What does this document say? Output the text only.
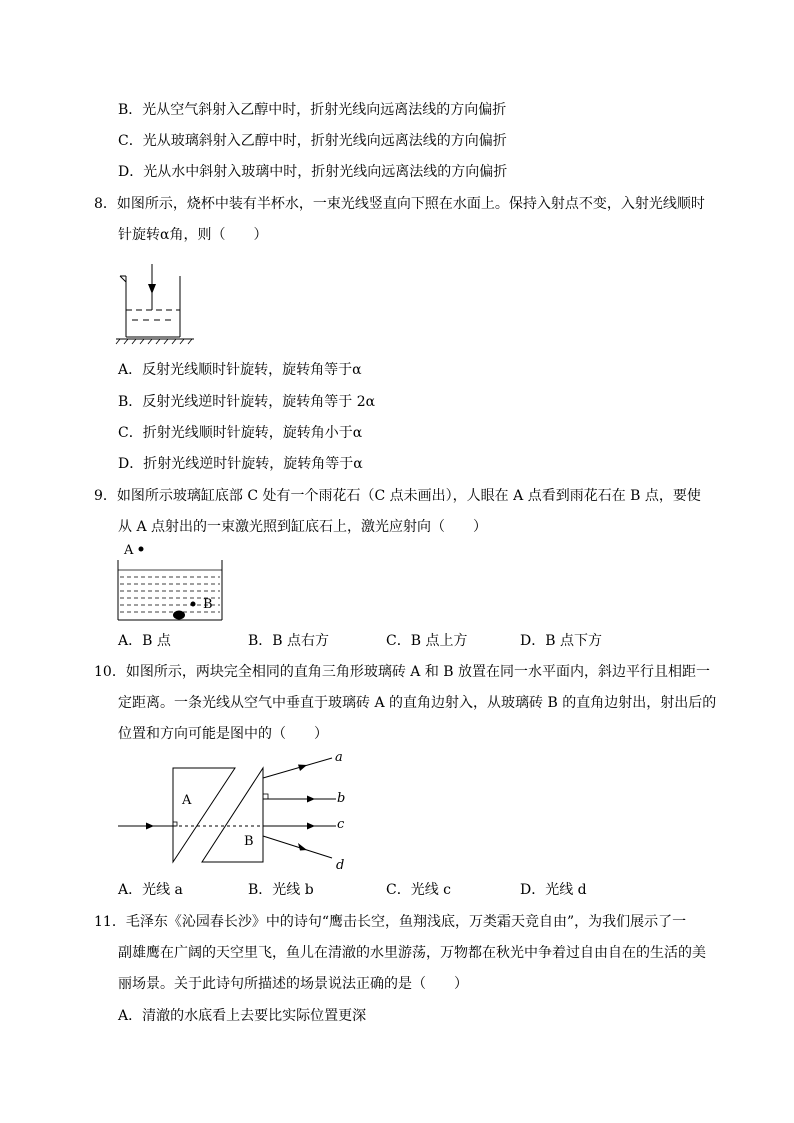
B．光从空气斜射入乙醇中时，折射光线向远离法线的方向偏折
C．光从玻璃斜射入乙醇中时，折射光线向远离法线的方向偏折
D．光从水中斜射入玻璃中时，折射光线向远离法线的方向偏折
8．如图所示，烧杯中装有半杯水，一束光线竖直向下照在水面上。保持入射点不变，入射光线顺时
针旋转α角，则（　　）
A．反射光线顺时针旋转，旋转角等于α
B．反射光线逆时针旋转，旋转角等于 2α
C．折射光线顺时针旋转，旋转角小于α
D．折射光线逆时针旋转，旋转角等于α
9．如图所示玻璃缸底部 C 处有一个雨花石（C 点未画出），人眼在 A 点看到雨花石在 B 点，要使
从 A 点射出的一束激光照到缸底石上，激光应射向（　　）
A
B
A．B 点	B．B 点右方	C．B 点上方	D．B 点下方
10．如图所示，两块完全相同的直角三角形玻璃砖 A 和 B 放置在同一水平面内，斜边平行且相距一
定距离。一条光线从空气中垂直于玻璃砖 A 的直角边射入，从玻璃砖 B 的直角边射出，射出后的
位置和方向可能是图中的（　　）
A
B
a
b
c
d
A．光线 a	B．光线 b	C．光线 c	D．光线 d
11．毛泽东《沁园春长沙》中的诗句“鹰击长空，鱼翔浅底，万类霜天竞自由”，为我们展示了一
副雄鹰在广阔的天空里飞，鱼儿在清澈的水里游荡，万物都在秋光中争着过自由自在的生活的美
丽场景。关于此诗句所描述的场景说法正确的是（　　）
A．清澈的水底看上去要比实际位置更深
